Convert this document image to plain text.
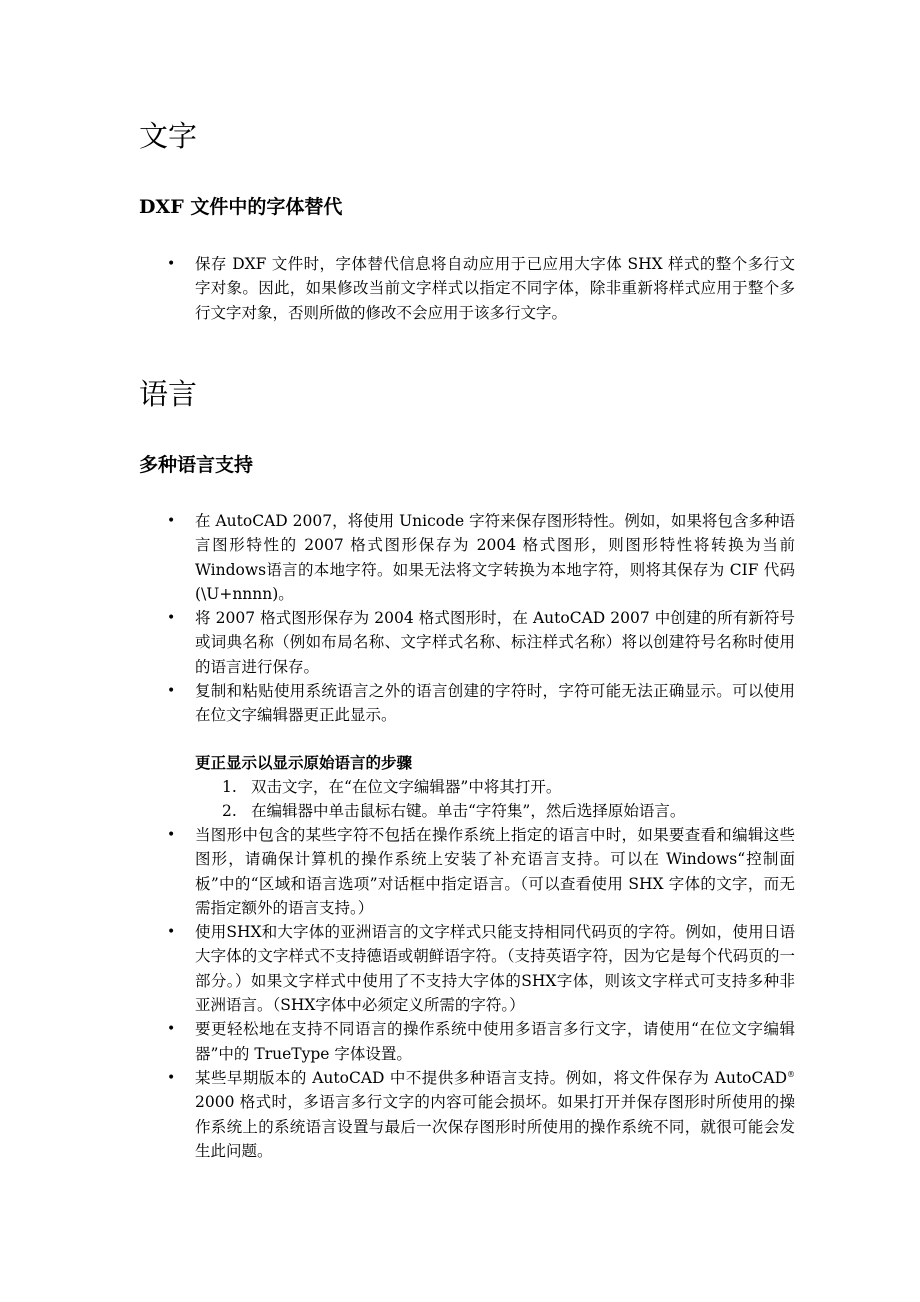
文字
DXF 文件中的字体替代
• 保存 DXF 文件时，字体替代信息将自动应用于已应用大字体 SHX 样式的整个多行文字对象。因此，如果修改当前文字样式以指定不同字体，除非重新将样式应用于整个多行文字对象，否则所做的修改不会应用于该多行文字。
语言
多种语言支持
• 在 AutoCAD 2007，将使用 Unicode 字符来保存图形特性。例如，如果将包含多种语言图形特性的 2007 格式图形保存为 2004 格式图形，则图形特性将转换为当前Windows语言的本地字符。如果无法将文字转换为本地字符，则将其保存为 CIF 代码 (\U+nnnn)。
• 将 2007 格式图形保存为 2004 格式图形时，在 AutoCAD 2007 中创建的所有新符号或词典名称（例如布局名称、文字样式名称、标注样式名称）将以创建符号名称时使用的语言进行保存。
• 复制和粘贴使用系统语言之外的语言创建的字符时，字符可能无法正确显示。可以使用在位文字编辑器更正此显示。
更正显示以显示原始语言的步骤
1. 双击文字，在“在位文字编辑器”中将其打开。
2. 在编辑器中单击鼠标右键。单击“字符集”，然后选择原始语言。
• 当图形中包含的某些字符不包括在操作系统上指定的语言中时，如果要查看和编辑这些图形，请确保计算机的操作系统上安装了补充语言支持。可以在 Windows“控制面板”中的“区域和语言选项”对话框中指定语言。（可以查看使用 SHX 字体的文字，而无需指定额外的语言支持。）
• 使用SHX和大字体的亚洲语言的文字样式只能支持相同代码页的字符。例如，使用日语大字体的文字样式不支持德语或朝鲜语字符。（支持英语字符，因为它是每个代码页的一部分。）如果文字样式中使用了不支持大字体的SHX字体，则该文字样式可支持多种非亚洲语言。（SHX字体中必须定义所需的字符。）
• 要更轻松地在支持不同语言的操作系统中使用多语言多行文字，请使用“在位文字编辑器”中的 TrueType 字体设置。
• 某些早期版本的 AutoCAD 中不提供多种语言支持。例如，将文件保存为 AutoCAD® 2000 格式时，多语言多行文字的内容可能会损坏。如果打开并保存图形时所使用的操作系统上的系统语言设置与最后一次保存图形时所使用的操作系统不同，就很可能会发生此问题。
